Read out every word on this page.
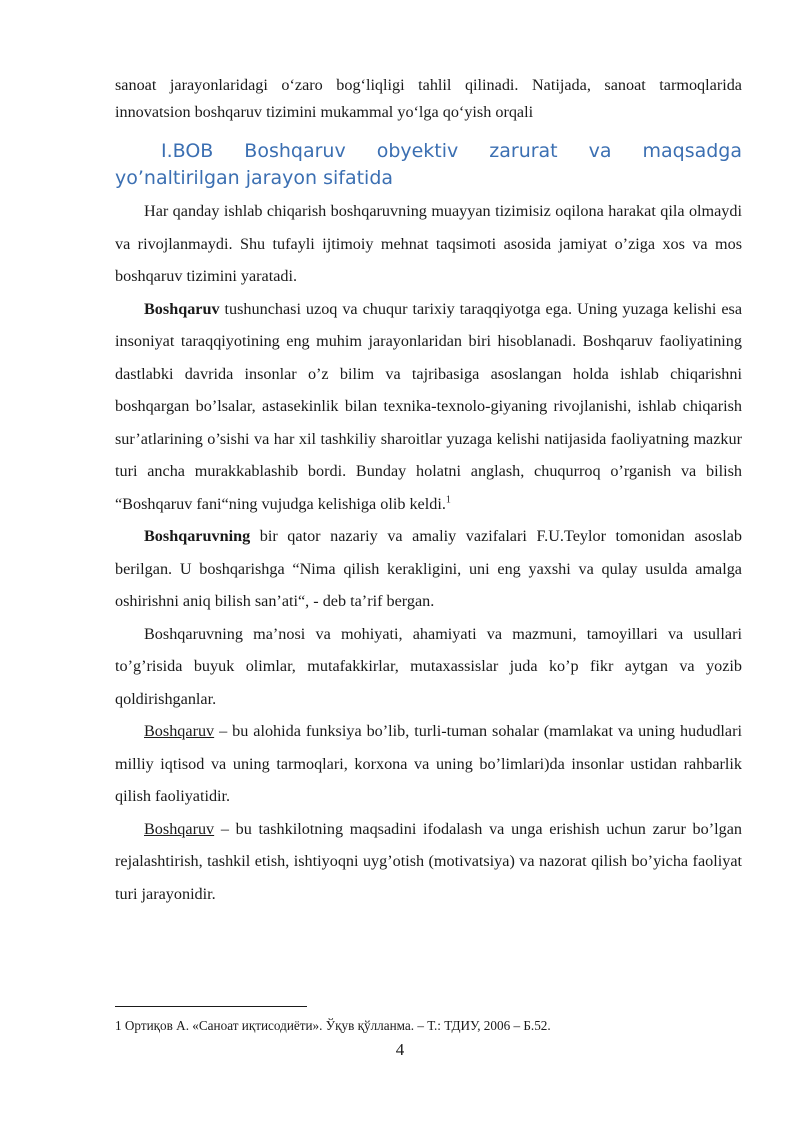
sanoat jarayonlaridagi o‘zaro bog‘liqligi tahlil qilinadi. Natijada, sanoat tarmoqlarida innovatsion boshqaruv tizimini mukammal yo‘lga qo‘yish orqali

I.BOB Boshqaruv obyektiv zarurat va maqsadga yo’naltirilgan jarayon sifatida

Har qanday ishlab chiqarish boshqaruvning muayyan tizimisiz oqilona harakat qila olmaydi va rivojlanmaydi. Shu tufayli ijtimoiy mehnat taqsimoti asosida jamiyat o’ziga xos va mos boshqaruv tizimini yaratadi.

Boshqaruv tushunchasi uzoq va chuqur tarixiy taraqqiyotga ega. Uning yuzaga kelishi esa insoniyat taraqqiyotining eng muhim jarayonlaridan biri hisoblanadi. Boshqaruv faoliyatining dastlabki davrida insonlar o’z bilim va tajribasiga asoslangan holda ishlab chiqarishni boshqargan bo’lsalar, astasekinlik bilan texnika-texnolo-giyaning rivojlanishi, ishlab chiqarish sur’atlarining o’sishi va har xil tashkiliy sharoitlar yuzaga kelishi natijasida faoliyatning mazkur turi ancha murakkablashib bordi. Bunday holatni anglash, chuqurroq o’rganish va bilish “Boshqaruv fani“ning vujudga kelishiga olib keldi.$^1$

Boshqaruvning bir qator nazariy va amaliy vazifalari F.U.Teylor tomonidan asoslab berilgan. U boshqarishga “Nima qilish kerakligini, uni eng yaxshi va qulay usulda amalga oshirishni aniq bilish san’ati“, - deb ta’rif bergan.

Boshqaruvning ma’nosi va mohiyati, ahamiyati va mazmuni, tamoyillari va usullari to’g’risida buyuk olimlar, mutafakkirlar, mutaxassislar juda ko’p fikr aytgan va yozib qoldirishganlar.

Boshqaruv – bu alohida funksiya bo’lib, turli-tuman sohalar (mamlakat va uning hududlari milliy iqtisod va uning tarmoqlari, korxona va uning bo’limlari)da insonlar ustidan rahbarlik qilish faoliyatidir.

Boshqaruv – bu tashkilotning maqsadini ifodalash va unga erishish uchun zarur bo’lgan rejalashtirish, tashkil etish, ishtiyoqni uyg’otish (motivatsiya) va nazorat qilish bo’yicha faoliyat turi jarayonidir.

1 Ортиқов А. «Саноат иқтисодиёти». Ўқув қўлланма. – Т.: ТДИУ, 2006 – Б.52.
4
